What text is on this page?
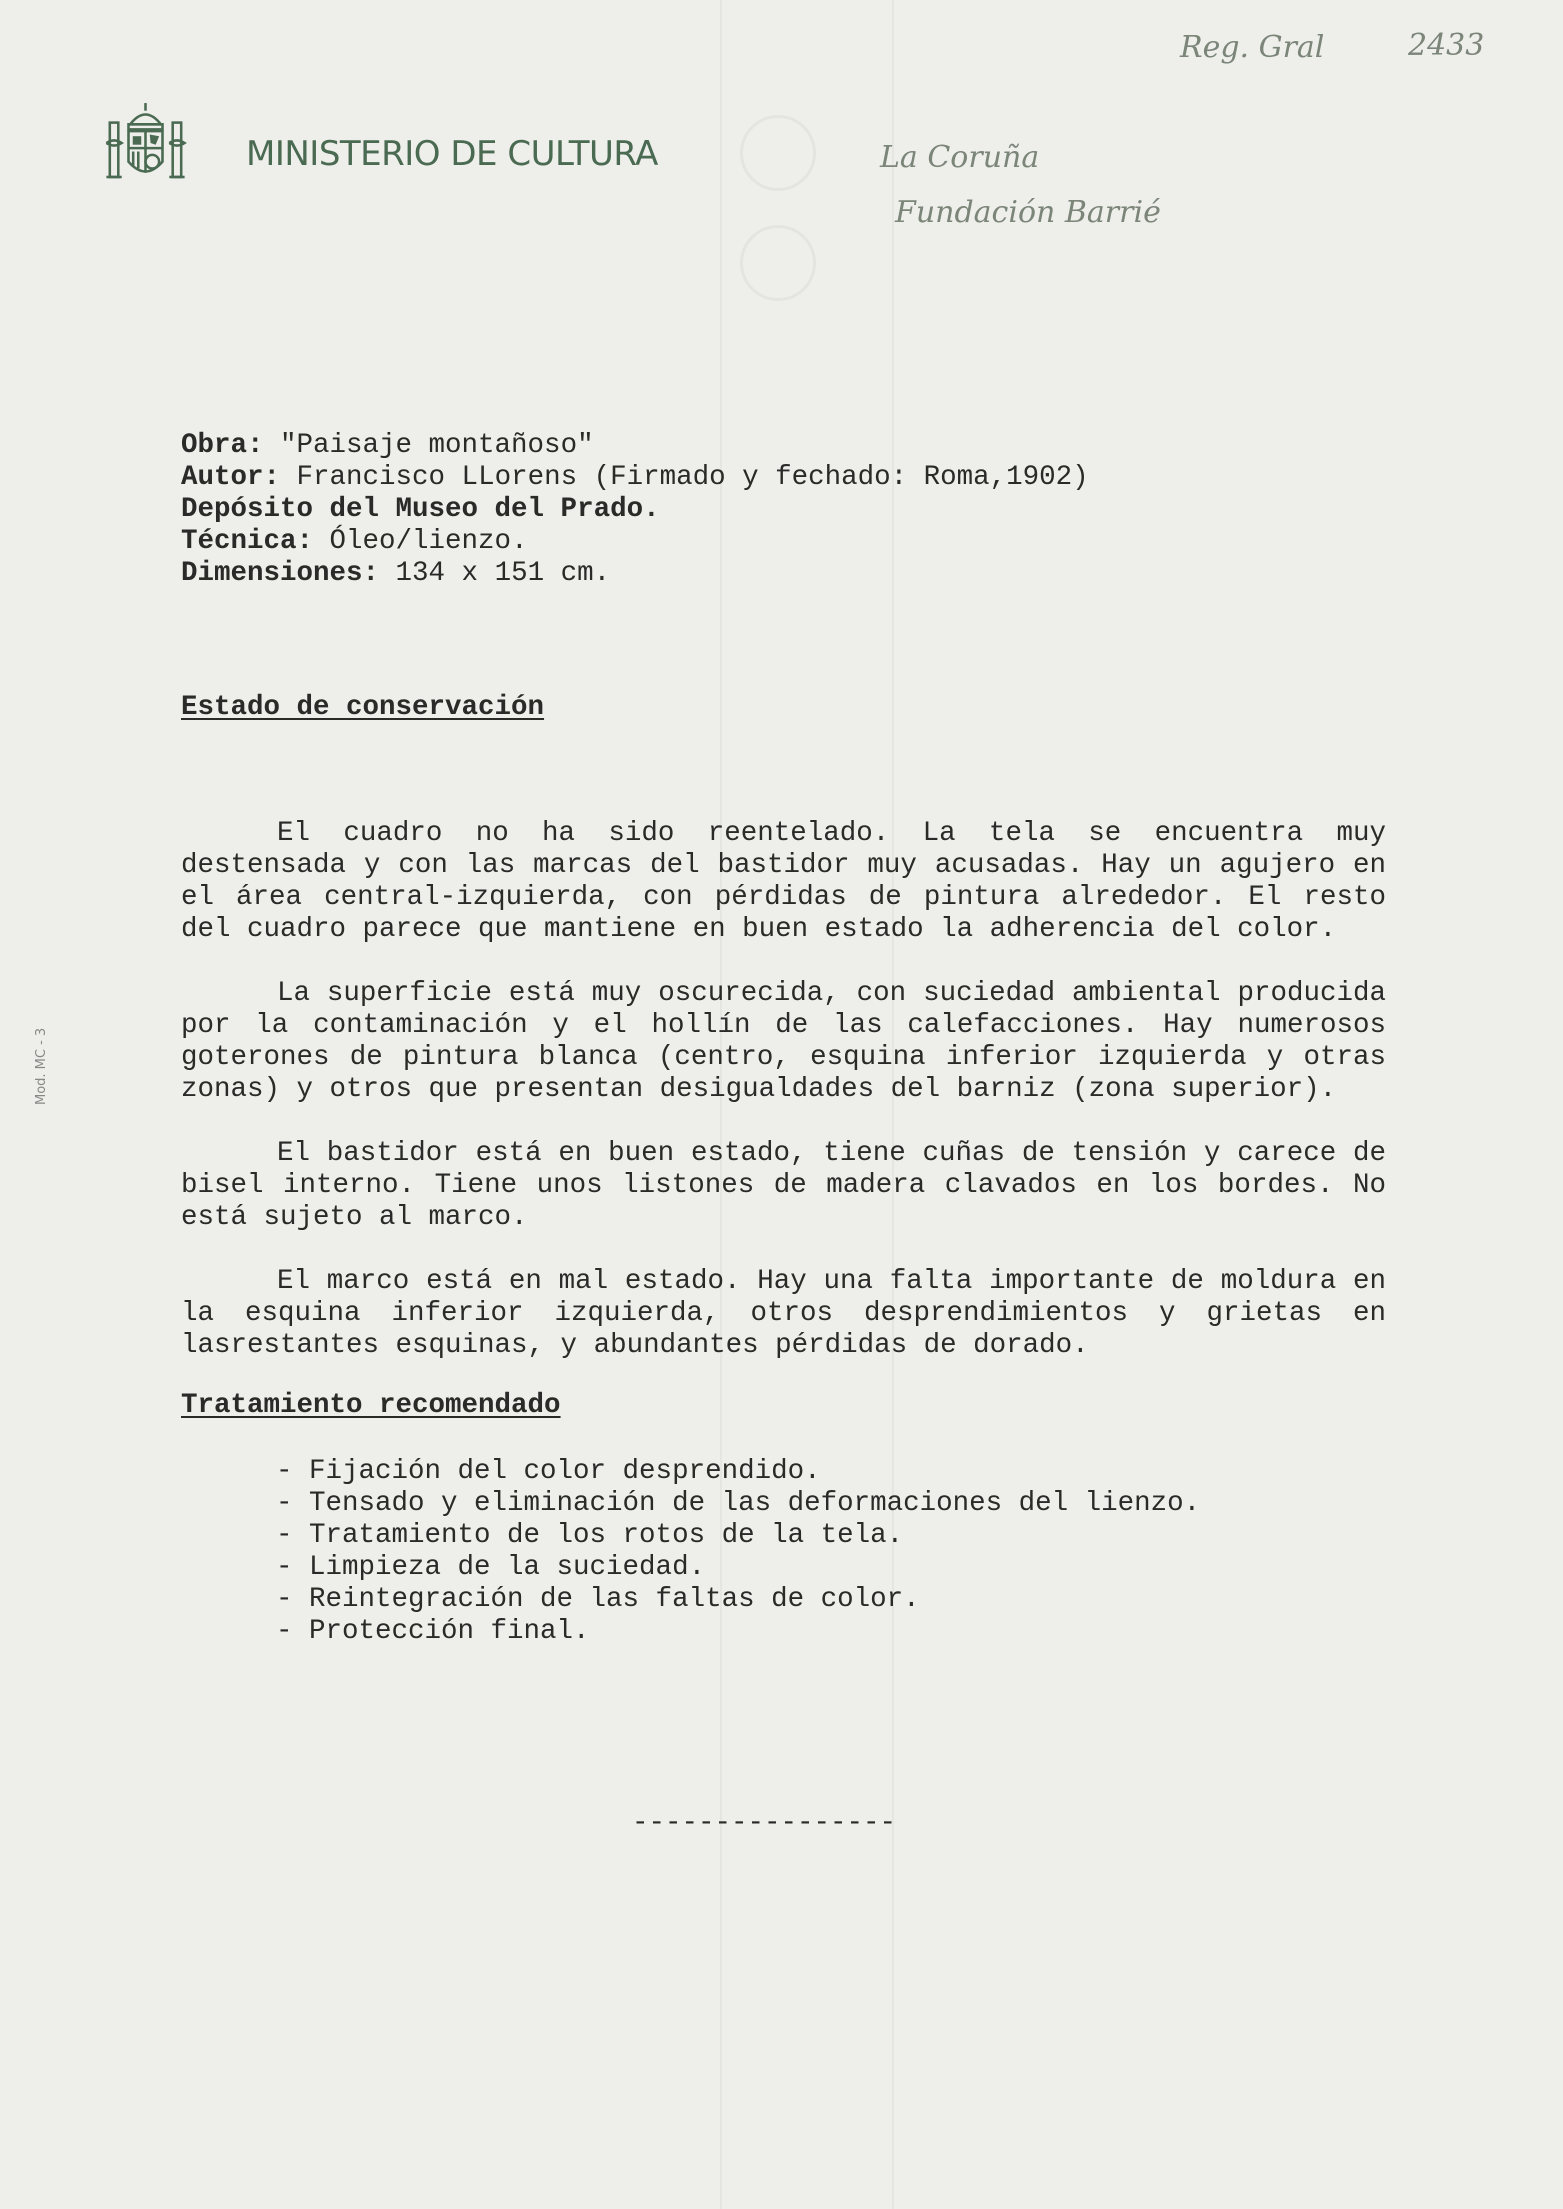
MINISTERIO DE CULTURA
Reg. Gral	2433
La Coruña
Fundación Barrié
Mod. MC - 3
Obra: "Paisaje montañoso"
Autor: Francisco LLorens (Firmado y fechado: Roma,1902)
Depósito del Museo del Prado.
Técnica: Óleo/lienzo.
Dimensiones: 134 x 151 cm.
Estado de conservación
El cuadro no ha sido reentelado. La tela se encuentra muy destensada y con las marcas del bastidor muy acusadas. Hay un agujero en el área central-izquierda, con pérdidas de pintura alrededor. El resto del cuadro parece que mantiene en buen estado la adherencia del color.
La superficie está muy oscurecida, con suciedad ambiental producida por la contaminación y el hollín de las calefacciones. Hay numerosos goterones de pintura blanca (centro, esquina inferior izquierda y otras zonas) y otros que presentan desigualdades del barniz (zona superior).
El bastidor está en buen estado, tiene cuñas de tensión y carece de bisel interno. Tiene unos listones de madera clavados en los bordes. No está sujeto al marco.
El marco está en mal estado. Hay una falta importante de moldura en la esquina inferior izquierda, otros desprendimientos y grietas en lasrestantes esquinas, y abundantes pérdidas de dorado.
Tratamiento recomendado
- Fijación del color desprendido.
- Tensado y eliminación de las deformaciones del lienzo.
- Tratamiento de los rotos de la tela.
- Limpieza de la suciedad.
- Reintegración de las faltas de color.
- Protección final.
----------------
